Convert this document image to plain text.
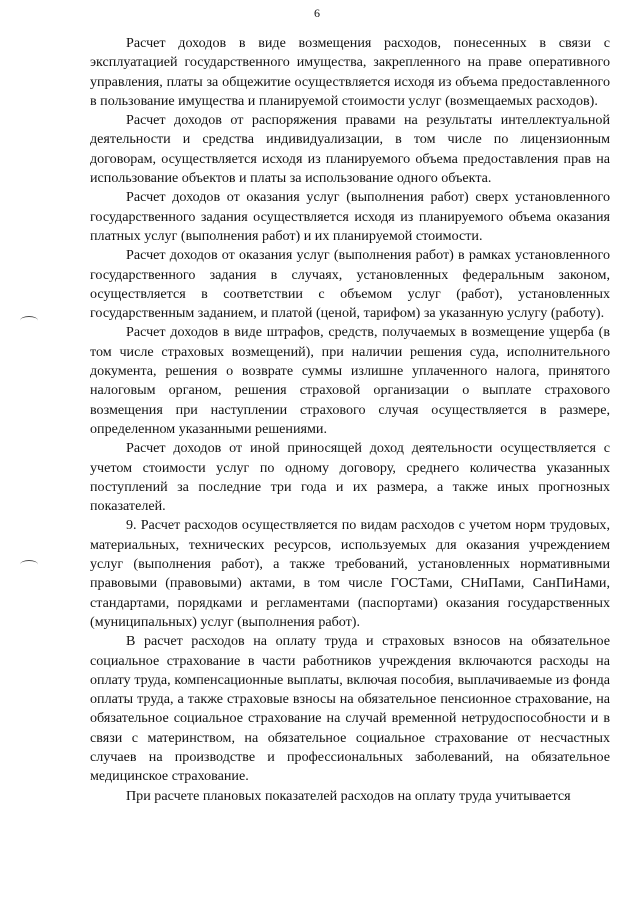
6

Расчет доходов в виде возмещения расходов, понесенных в связи с эксплуатацией государственного имущества, закрепленного на праве оперативного управления, платы за общежитие осуществляется исходя из объема предоставленного в пользование имущества и планируемой стоимости услуг (возмещаемых расходов).

Расчет доходов от распоряжения правами на результаты интеллектуальной деятельности и средства индивидуализации, в том числе по лицензионным договорам, осуществляется исходя из планируемого объема предоставления прав на использование объектов и платы за использование одного объекта.

Расчет доходов от оказания услуг (выполнения работ) сверх установленного государственного задания осуществляется исходя из планируемого объема оказания платных услуг (выполнения работ) и их планируемой стоимости.

Расчет доходов от оказания услуг (выполнения работ) в рамках установленного государственного задания в случаях, установленных федеральным законом, осуществляется в соответствии с объемом услуг (работ), установленных государственным заданием, и платой (ценой, тарифом) за указанную услугу (работу).

Расчет доходов в виде штрафов, средств, получаемых в возмещение ущерба (в том числе страховых возмещений), при наличии решения суда, исполнительного документа, решения о возврате суммы излишне уплаченного налога, принятого налоговым органом, решения страховой организации о выплате страхового возмещения при наступлении страхового случая осуществляется в размере, определенном указанными решениями.

Расчет доходов от иной приносящей доход деятельности осуществляется с учетом стоимости услуг по одному договору, среднего количества указанных поступлений за последние три года и их размера, а также иных прогнозных показателей.

9. Расчет расходов осуществляется по видам расходов с учетом норм трудовых, материальных, технических ресурсов, используемых для оказания учреждением услуг (выполнения работ), а также требований, установленных нормативными правовыми (правовыми) актами, в том числе ГОСТами, СНиПами, СанПиНами, стандартами, порядками и регламентами (паспортами) оказания государственных (муниципальных) услуг (выполнения работ).

В расчет расходов на оплату труда и страховых взносов на обязательное социальное страхование в части работников учреждения включаются расходы на оплату труда, компенсационные выплаты, включая пособия, выплачиваемые из фонда оплаты труда, а также страховые взносы на обязательное пенсионное страхование, на обязательное социальное страхование на случай временной нетрудоспособности и в связи с материнством, на обязательное социальное страхование от несчастных случаев на производстве и профессиональных заболеваний, на обязательное медицинское страхование.

При расчете плановых показателей расходов на оплату труда учитывается
